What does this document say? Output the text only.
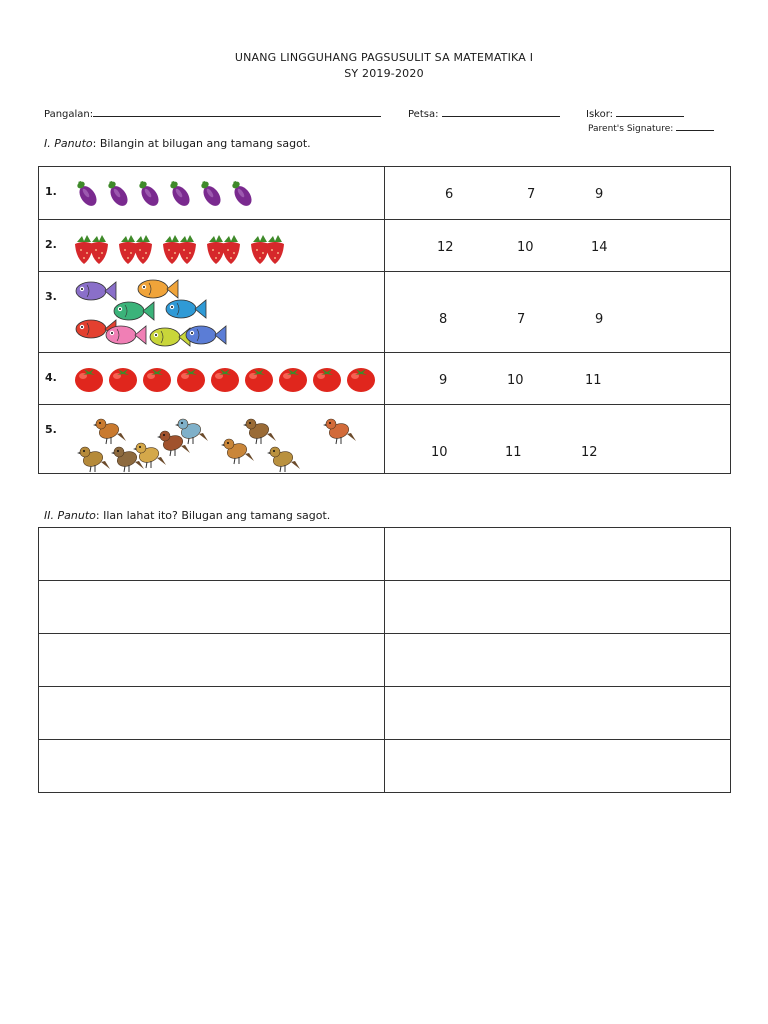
UNANG LINGGUHANG PAGSUSULIT SA MATEMATIKA I
SY 2019-2020
Pangalan:	Petsa:	Iskor:
Parent's Signature:
I. Panuto: Bilangin at bilugan ang tamang sagot.
1.	6 7 9

2.	12 10 14

3.	8 7 9

4.	9 10 11

5.	10 11 12
II. Panuto: Ilan lahat ito? Bilugan ang tamang sagot.
